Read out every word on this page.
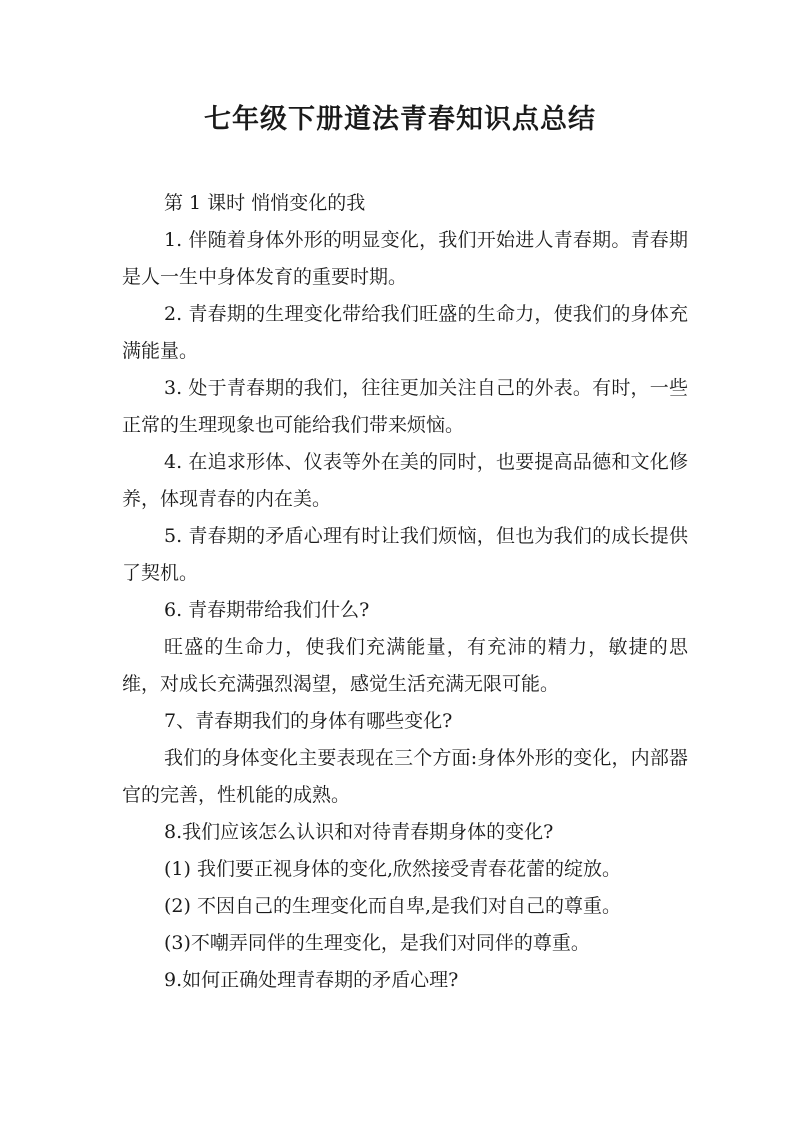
七年级下册道法青春知识点总结

第 1 课时 悄悄变化的我

1. 伴随着身体外形的明显变化，我们开始进人青春期。青春期是人一生中身体发育的重要时期。

2. 青春期的生理变化带给我们旺盛的生命力，使我们的身体充满能量。

3. 处于青春期的我们，往往更加关注自己的外表。有时，一些正常的生理现象也可能给我们带来烦恼。

4. 在追求形体、仪表等外在美的同时，也要提高品德和文化修养，体现青春的内在美。

5. 青春期的矛盾心理有时让我们烦恼，但也为我们的成长提供了契机。

6. 青春期带给我们什么?

旺盛的生命力，使我们充满能量，有充沛的精力，敏捷的思维，对成长充满强烈渴望，感觉生活充满无限可能。

7、青春期我们的身体有哪些变化?

我们的身体变化主要表现在三个方面:身体外形的变化，内部器官的完善，性机能的成熟。

8.我们应该怎么认识和对待青春期身体的变化?

(1) 我们要正视身体的变化,欣然接受青春花蕾的绽放。

(2) 不因自己的生理变化而自卑,是我们对自己的尊重。

(3)不嘲弄同伴的生理变化，是我们对同伴的尊重。

9.如何正确处理青春期的矛盾心理?
